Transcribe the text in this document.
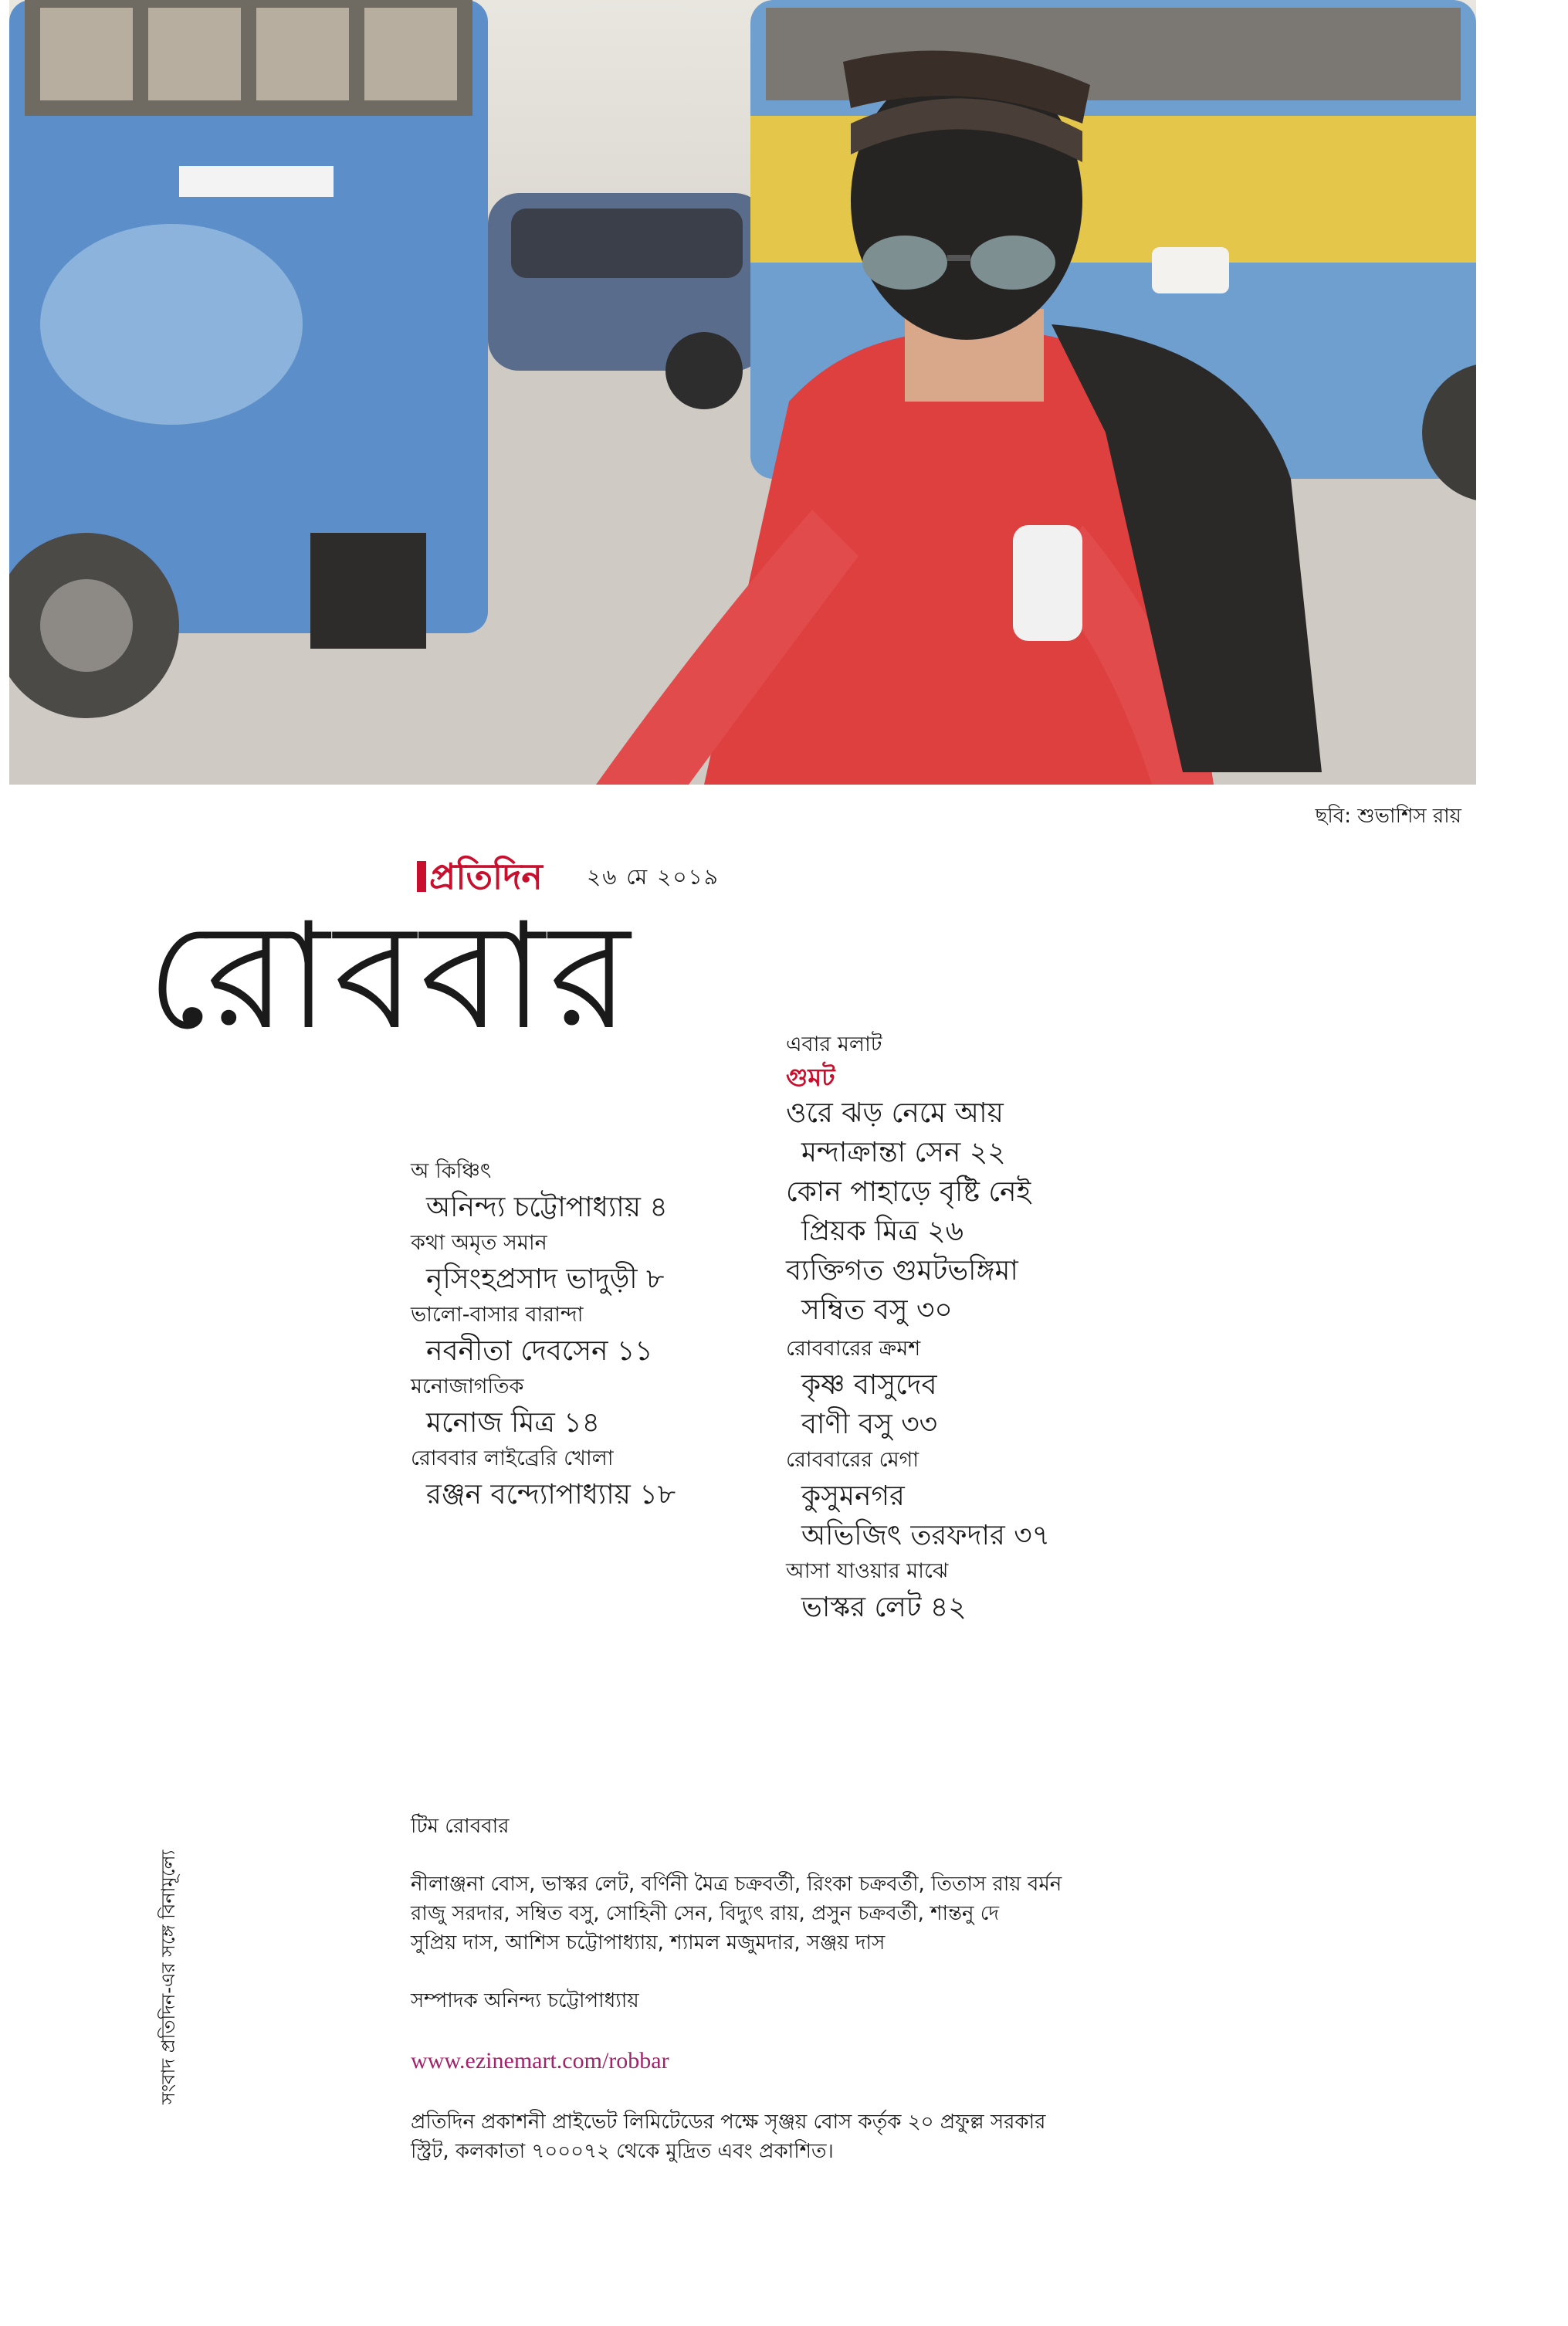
ছবি: শুভাশিস রায়
প্রতিদিন ২৬ মে ২০১৯
রোববার
অ কিঞ্চিৎ
অনিন্দ্য চট্টোপাধ্যায় ৪
কথা অমৃত সমান
নৃসিংহপ্রসাদ ভাদুড়ী ৮
ভালো-বাসার বারান্দা
নবনীতা দেবসেন ১১
মনোজাগতিক
মনোজ মিত্র ১৪
রোববার লাইব্রেরি খোলা
রঞ্জন বন্দ্যোপাধ্যায় ১৮
এবার মলাট
গুমট
ওরে ঝড় নেমে আয়
মন্দাক্রান্তা সেন ২২
কোন পাহাড়ে বৃষ্টি নেই
প্রিয়ক মিত্র ২৬
ব্যক্তিগত গুমটভঙ্গিমা
সম্বিত বসু ৩০
রোববারের ক্রমশ
কৃষ্ণ বাসুদেব
বাণী বসু ৩৩
রোববারের মেগা
কুসুমনগর
অভিজিৎ তরফদার ৩৭
আসা যাওয়ার মাঝে
ভাস্কর লেট ৪২
সংবাদ প্রতিদিন-এর সঙ্গে বিনামূল্যে
টিম রোববার
নীলাঞ্জনা বোস, ভাস্কর লেট, বর্ণিনী মৈত্র চক্রবর্তী, রিংকা চক্রবর্তী, তিতাস রায় বর্মন
রাজু সরদার, সম্বিত বসু, সোহিনী সেন, বিদ্যুৎ রায়, প্রসুন চক্রবর্তী, শান্তনু দে
সুপ্রিয় দাস, আশিস চট্টোপাধ্যায়, শ্যামল মজুমদার, সঞ্জয় দাস
সম্পাদক অনিন্দ্য চট্টোপাধ্যায়
www.ezinemart.com/robbar
প্রতিদিন প্রকাশনী প্রাইভেট লিমিটেডের পক্ষে সৃঞ্জয় বোস কর্তৃক ২০ প্রফুল্ল সরকার
স্ট্রিট, কলকাতা ৭০০০৭২ থেকে মুদ্রিত এবং প্রকাশিত।
